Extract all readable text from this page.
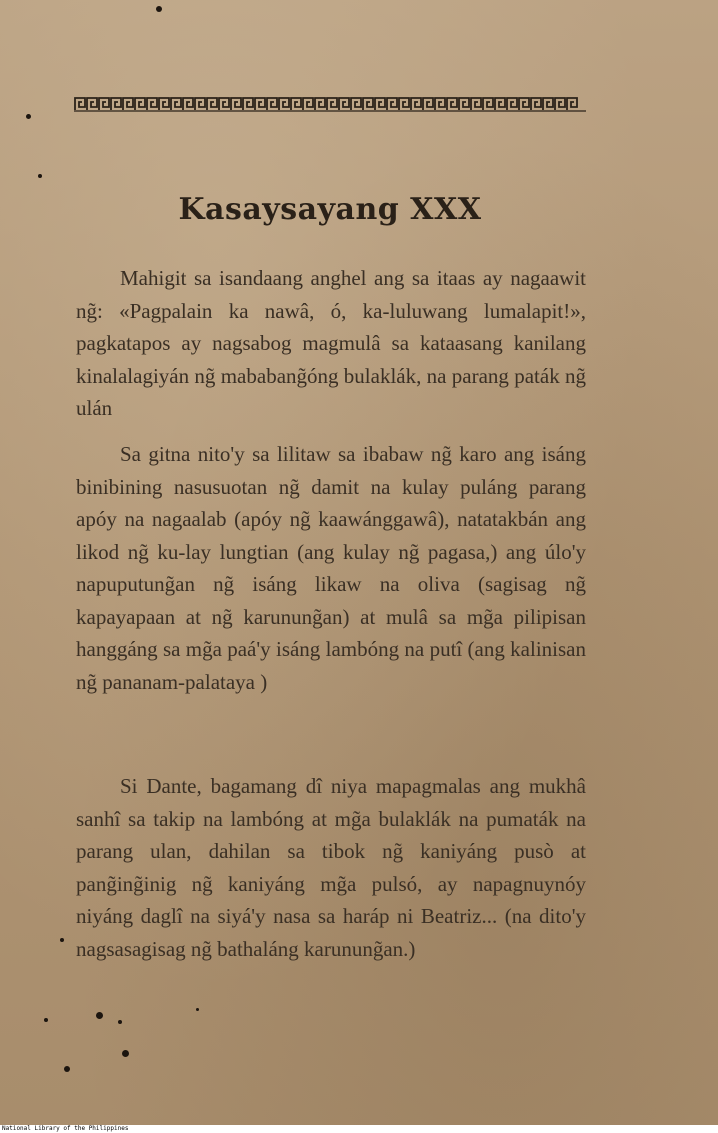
Kasaysayang XXX

Mahigit sa isandaang anghel ang sa itaas ay nagaawit ng̃: «Pagpalain ka nawâ, ó, ka-luluwang lumalapit!», pagkatapos ay nagsabog magmulâ sa kataasang kanilang kinalalagiyán ng̃ mababang̃óng bulaklák, na parang paták ng̃ ulán

Sa gitna nito'y sa lilitaw sa ibabaw ng̃ karo ang isáng binibining nasusuotan ng̃ damit na kulay puláng parang apóy na nagaalab (apóy ng̃ kaawánggawâ), natatakbán ang likod ng̃ ku-lay lungtian (ang kulay ng̃ pagasa,) ang úlo'y napuputung̃an ng̃ isáng likaw na oliva (sagisag ng̃ kapayapaan at ng̃ karunung̃an) at mulâ sa mg̃a pilipisan hanggáng sa mg̃a paá'y isáng lambóng na putî (ang kalinisan ng̃ pananam-palataya )

Si Dante, bagamang dî niya mapagmalas ang mukhâ sanhî sa takip na lambóng at mg̃a bulaklák na pumaták na parang ulan, dahilan sa tibok ng̃ kaniyáng pusò at pang̃ing̃inig ng̃ kaniyáng mg̃a pulsó, ay napagnuynóy niyáng daglî na siyá'y nasa sa haráp ni Beatriz... (na dito'y nagsasagisag ng̃ bathaláng karunung̃an.)

National Library of the Philippines
